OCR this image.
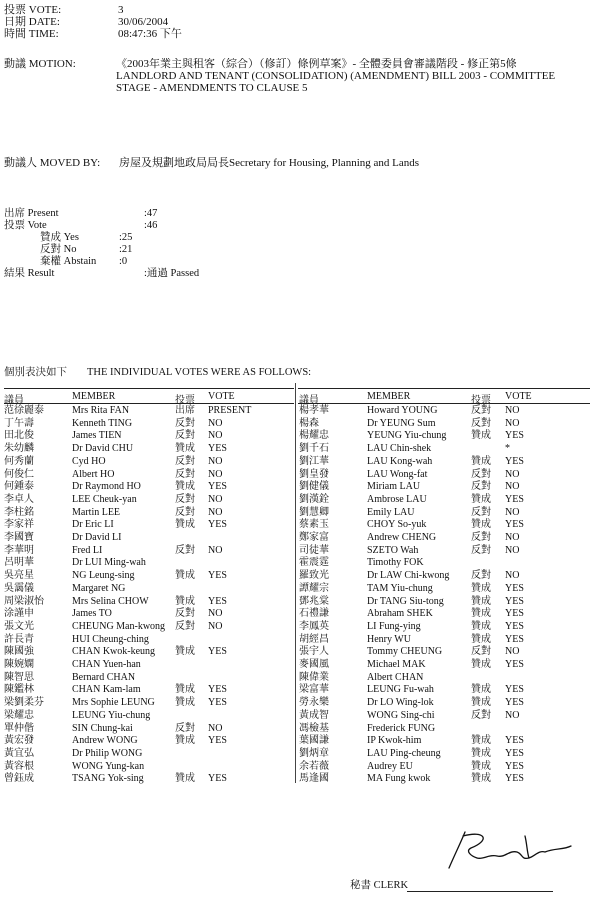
投票 VOTE:	3
日期 DATE:	30/06/2004
時間 TIME:	08:47:36 下午
動議 MOTION:	《2003年業主與租客（綜合）（修訂）條例草案》- 全體委員會審議階段 - 修正第5條
LANDLORD AND TENANT (CONSOLIDATION) (AMENDMENT) BILL 2003 - COMMITTEE
STAGE - AMENDMENTS TO CLAUSE 5
動議人 MOVED BY: 房屋及規劃地政局局長Secretary for Housing, Planning and Lands
出席 Present	:47
投票 Vote	:46
贊成 Yes	:25
反對 No	:21
棄權 Abstain :0
結果 Result	:通過 Passed
個別表決如下 THE INDIVIDUAL VOTES WERE AS FOLLOWS:
議員	MEMBER	投票 VOTE	議員	MEMBER	投票 VOTE
范徐麗泰	Mrs Rita FAN	出席 PRESENT
丁午壽	Kenneth TING	反對 NO
田北俊	James TIEN	反對 NO
朱幼麟	Dr David CHU	贊成 YES
何秀蘭	Cyd HO	反對 NO
何俊仁	Albert HO	反對 NO
何鍾泰	Dr Raymond HO	贊成 YES
李卓人	LEE Cheuk-yan	反對 NO
李柱銘	Martin LEE	反對 NO
李家祥	Dr Eric LI	贊成 YES
李國寶	Dr David LI
李華明	Fred LI	反對 NO
呂明華	Dr LUI Ming-wah
吳亮星	NG Leung-sing	贊成 YES
吳靄儀	Margaret NG
周梁淑怡	Mrs Selina CHOW	贊成 YES
涂謹申	James TO	反對 NO
張文光	CHEUNG Man-kwong 反對 NO
許長青	HUI Cheung-ching
陳國強	CHAN Kwok-keung 贊成 YES
陳婉嫻	CHAN Yuen-han
陳智思	Bernard CHAN
陳鑑林	CHAN Kam-lam	贊成 YES
梁劉柔芬	Mrs Sophie LEUNG 贊成 YES
梁耀忠	LEUNG Yiu-chung
單仲偕	SIN Chung-kai	反對 NO
黃宏發	Andrew WONG	贊成 YES
黃宜弘	Dr Philip WONG
黃容根	WONG Yung-kan
曾鈺成	TSANG Yok-sing	贊成 YES
楊孝華	Howard YOUNG	反對 NO
楊森	Dr YEUNG Sum	反對 NO
楊耀忠	YEUNG Yiu-chung 贊成 YES
劉千石	LAU Chin-shek	*
劉江華	LAU Kong-wah	贊成 YES
劉皇發	LAU Wong-fat	反對 NO
劉健儀	Miriam LAU	反對 NO
劉漢銓	Ambrose LAU	贊成 YES
劉慧卿	Emily LAU	反對 NO
蔡素玉	CHOY So-yuk	贊成 YES
鄭家富	Andrew CHENG	反對 NO
司徒華	SZETO Wah	反對 NO
霍震霆	Timothy FOK
羅致光	Dr LAW Chi-kwong 反對 NO
譚耀宗	TAM Yiu-chung	贊成 YES
鄧兆棠	Dr TANG Siu-tong	贊成 YES
石禮謙	Abraham SHEK	贊成 YES
李鳳英	LI Fung-ying	贊成 YES
胡經昌	Henry WU	贊成 YES
張宇人	Tommy CHEUNG	反對 NO
麥國風	Michael MAK	贊成 YES
陳偉業	Albert CHAN
梁富華	LEUNG Fu-wah	贊成 YES
勞永樂	Dr LO Wing-lok	贊成 YES
黃成智	WONG Sing-chi	反對 NO
馮檢基	Frederick FUNG
葉國謙	IP Kwok-him	贊成 YES
劉炳章	LAU Ping-cheung	贊成 YES
余若薇	Audrey EU	贊成 YES
馬逢國	MA Fung kwok	贊成 YES
秘書 CLERK
